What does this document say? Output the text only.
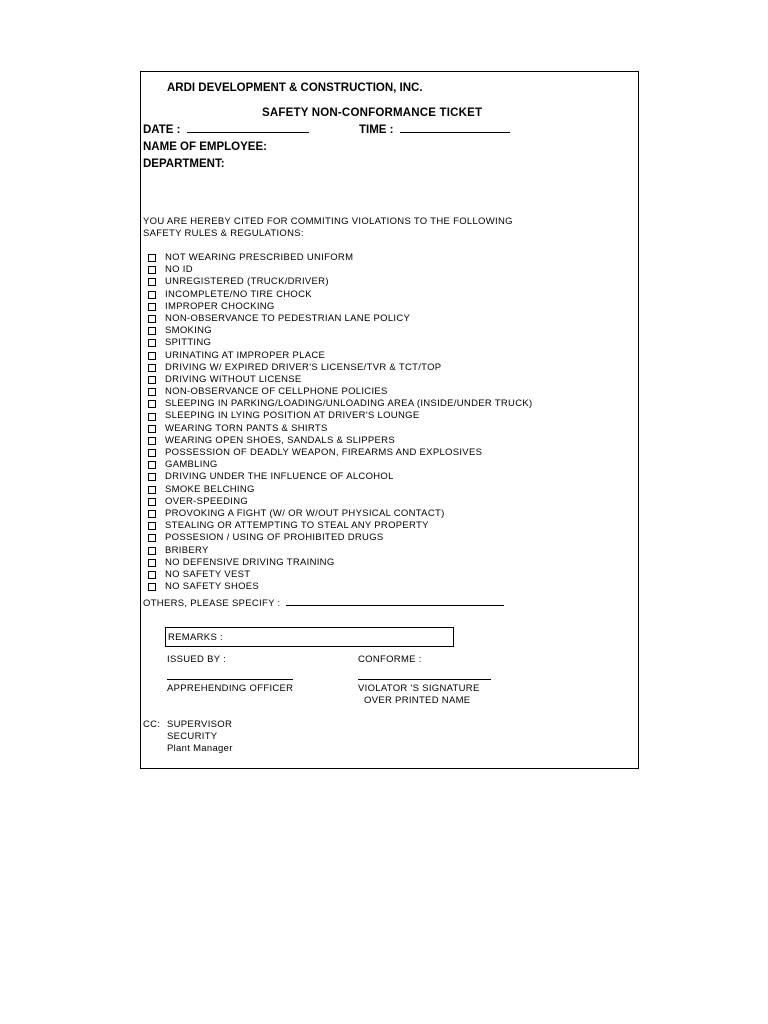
ARDI DEVELOPMENT & CONSTRUCTION, INC.
SAFETY NON-CONFORMANCE TICKET
DATE :	TIME :
NAME OF EMPLOYEE:
DEPARTMENT:
YOU ARE HEREBY CITED FOR COMMITING VIOLATIONS TO THE FOLLOWING
SAFETY RULES & REGULATIONS:
NOT WEARING PRESCRIBED UNIFORM
NO ID
UNREGISTERED (TRUCK/DRIVER)
INCOMPLETE/NO TIRE CHOCK
IMPROPER CHOCKING
NON-OBSERVANCE TO PEDESTRIAN LANE POLICY
SMOKING
SPITTING
URINATING AT IMPROPER PLACE
DRIVING W/ EXPIRED DRIVER'S LICENSE/TVR & TCT/TOP
DRIVING WITHOUT LICENSE
NON-OBSERVANCE OF CELLPHONE POLICIES
SLEEPING IN PARKING/LOADING/UNLOADING AREA (INSIDE/UNDER TRUCK)
SLEEPING IN LYING POSITION AT DRIVER'S LOUNGE
WEARING TORN PANTS & SHIRTS
WEARING OPEN SHOES, SANDALS & SLIPPERS
POSSESSION OF DEADLY WEAPON, FIREARMS AND EXPLOSIVES
GAMBLING
DRIVING UNDER THE INFLUENCE OF ALCOHOL
SMOKE BELCHING
OVER-SPEEDING
PROVOKING A FIGHT (W/ OR W/OUT PHYSICAL CONTACT)
STEALING OR ATTEMPTING TO STEAL ANY PROPERTY
POSSESION / USING OF PROHIBITED DRUGS
BRIBERY
NO DEFENSIVE DRIVING TRAINING
NO SAFETY VEST
NO SAFETY SHOES
OTHERS, PLEASE SPECIFY :
REMARKS :
ISSUED BY :	CONFORME :
APPREHENDING OFFICER	VIOLATOR 'S SIGNATURE
OVER PRINTED NAME
CC: SUPERVISOR
SECURITY
Plant Manager
